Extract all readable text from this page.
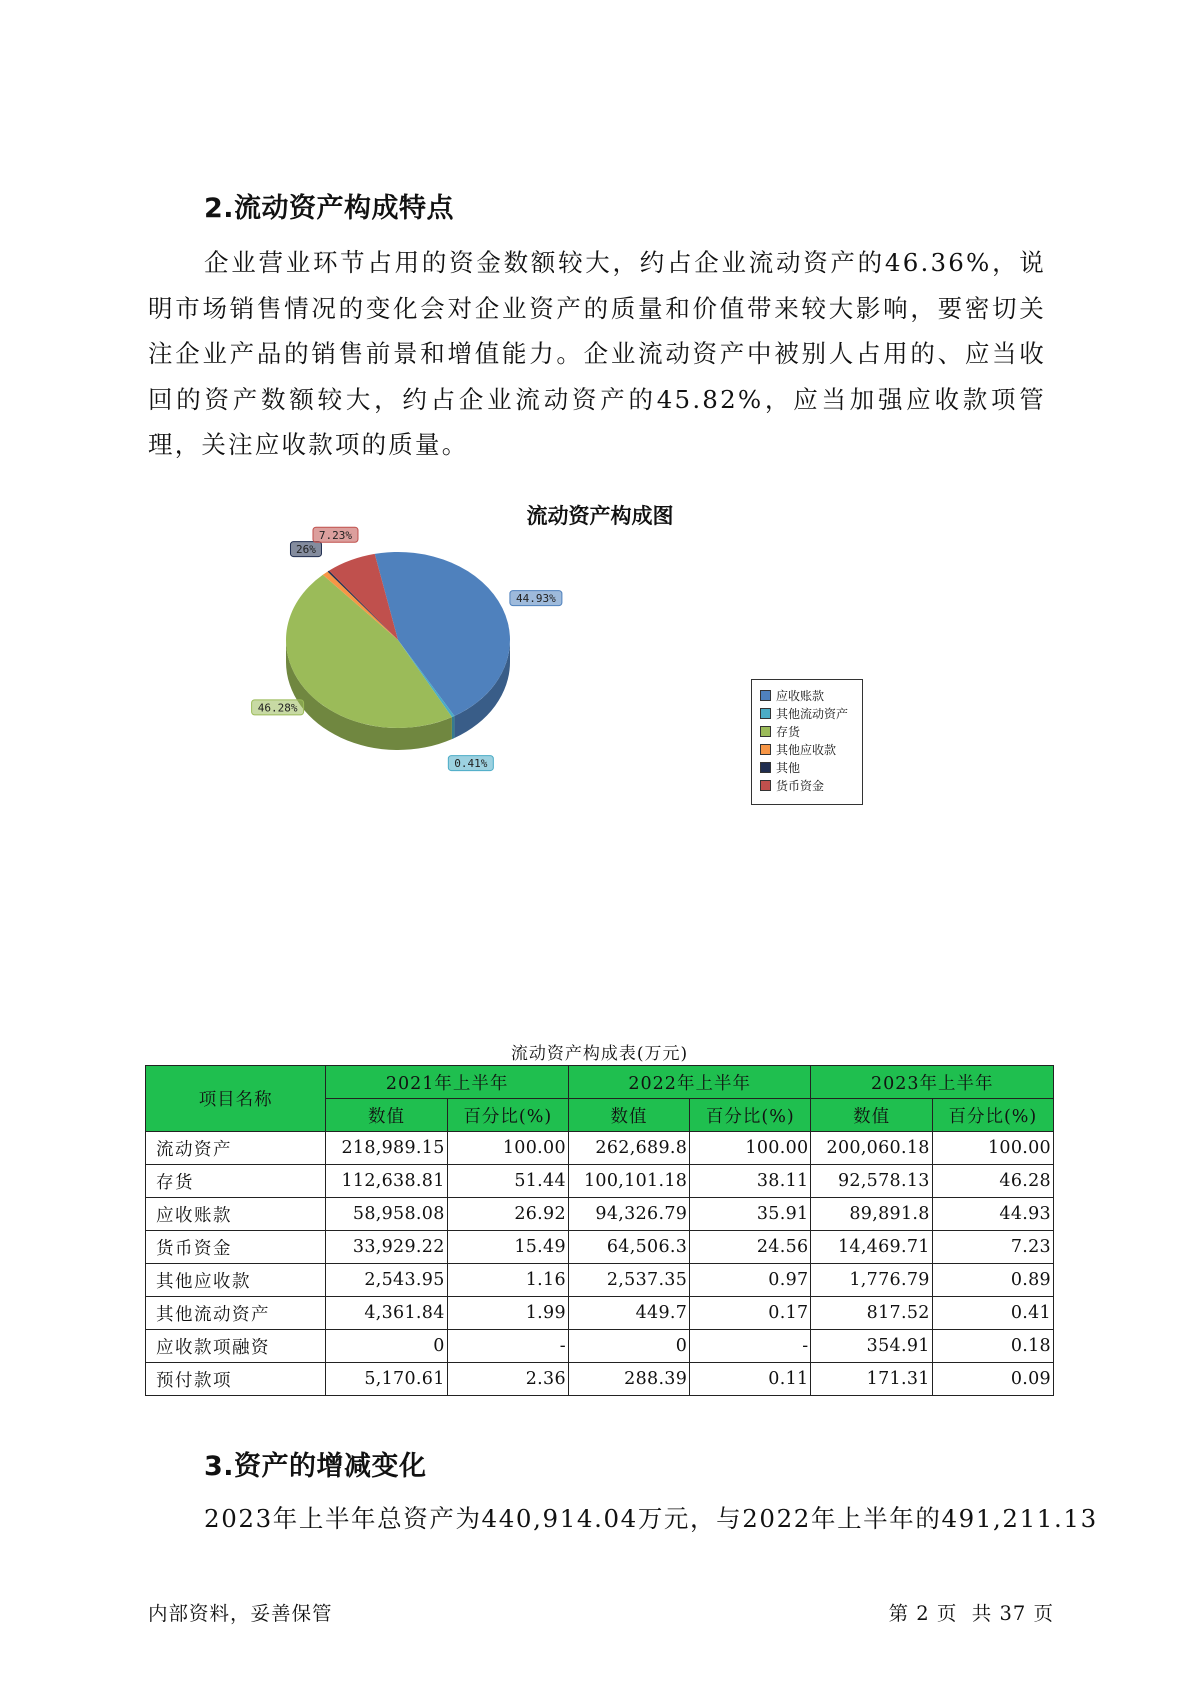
2.流动资产构成特点
企业营业环节占用的资金数额较大，约占企业流动资产的46.36%，说明市场销售情况的变化会对企业资产的质量和价值带来较大影响，要密切关注企业产品的销售前景和增值能力。企业流动资产中被别人占用的、应当收回的资产数额较大，约占企业流动资产的45.82%，应当加强应收款项管理，关注应收款项的质量。
流动资产构成图
44.93%
0.41%
46.28%
26%
7.23%
应收账款
其他流动资产
存货
其他应收款
其他
货币资金
流动资产构成表(万元)
项目名称	2021年上半年		2022年上半年		2023年上半年	
	数值	百分比(%)	数值	百分比(%)	数值	百分比(%)
流动资产	218,989.15	100.00	262,689.8	100.00	200,060.18	100.00
存货	112,638.81	51.44	100,101.18	38.11	92,578.13	46.28
应收账款	58,958.08	26.92	94,326.79	35.91	89,891.8	44.93
货币资金	33,929.22	15.49	64,506.3	24.56	14,469.71	7.23
其他应收款	2,543.95	1.16	2,537.35	0.97	1,776.79	0.89
其他流动资产	4,361.84	1.99	449.7	0.17	817.52	0.41
应收款项融资	0	-	0	-	354.91	0.18
预付款项	5,170.61	2.36	288.39	0.11	171.31	0.09
3.资产的增减变化
2023年上半年总资产为440,914.04万元，与2022年上半年的491,211.13
内部资料，妥善保管	第 2 页  共 37 页
